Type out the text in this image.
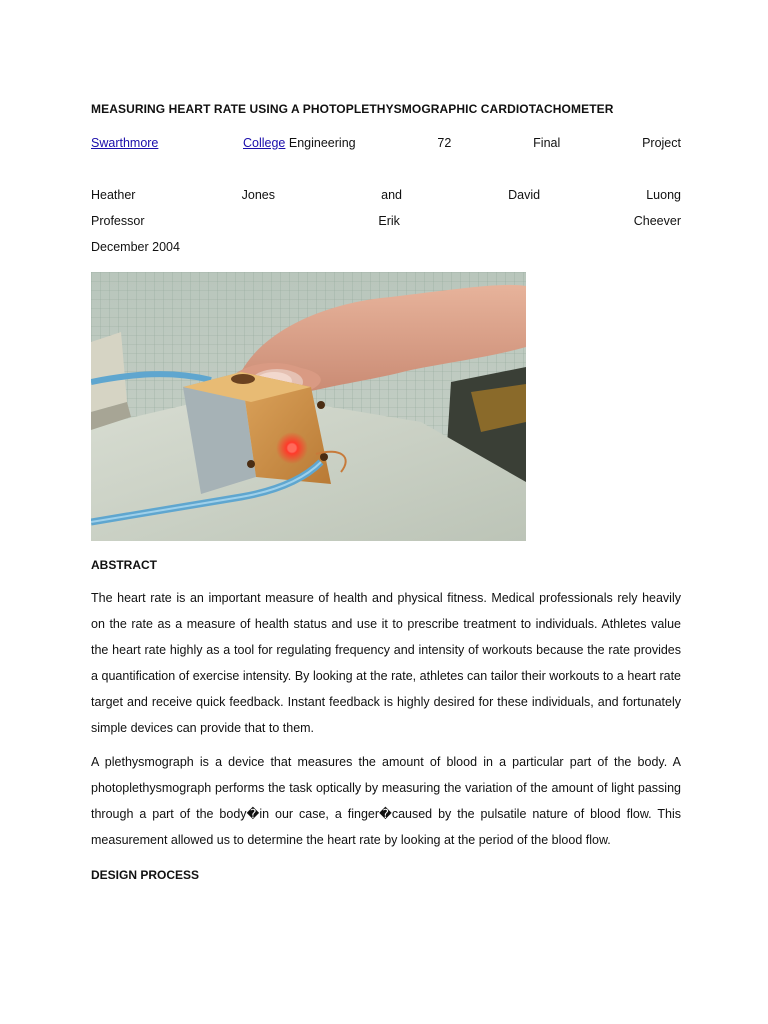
MEASURING HEART RATE USING A PHOTOPLETHYSMOGRAPHIC CARDIOTACHOMETER
Swarthmore	College Engineering	72	Final	Project
Heather	Jones	and	David	Luong
Professor	Erik	Cheever
December 2004
ABSTRACT

The heart rate is an important measure of health and physical fitness. Medical professionals rely heavily on the rate as a measure of health status and use it to prescribe treatment to individuals. Athletes value the heart rate highly as a tool for regulating frequency and intensity of workouts because the rate provides a quantification of exercise intensity. By looking at the rate, athletes can tailor their workouts to a heart rate target and receive quick feedback. Instant feedback is highly desired for these individuals, and fortunately simple devices can provide that to them.

A plethysmograph is a device that measures the amount of blood in a particular part of the body. A photoplethysmograph performs the task optically by measuring the variation of the amount of light passing through a part of the body�in our case, a finger�caused by the pulsatile nature of blood flow. This measurement allowed us to determine the heart rate by looking at the period of the blood flow.

DESIGN PROCESS
